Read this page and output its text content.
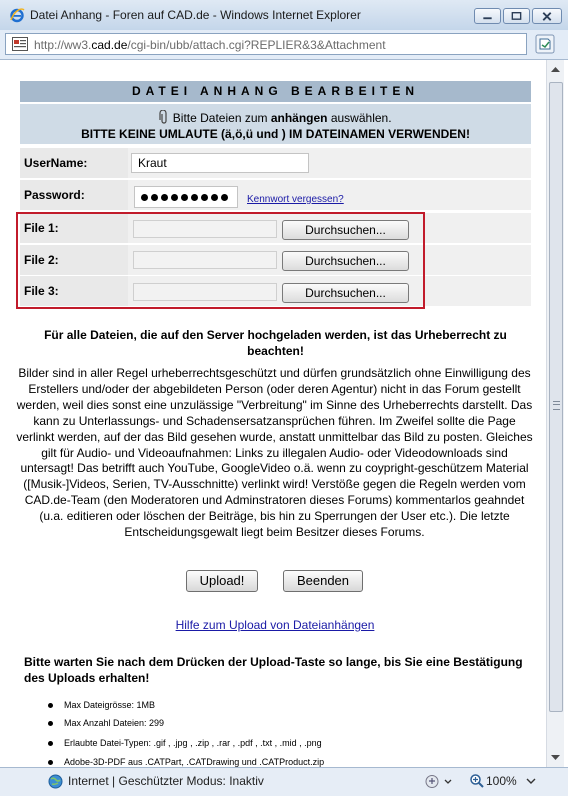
Datei Anhang - Foren auf CAD.de - Windows Internet Explorer
http://ww3.cad.de/cgi-bin/ubb/attach.cgi?REPLIER&3&Attachment
DATEI ANHANG BEARBEITEN
Bitte Dateien zum anhängen auswählen.
BITTE KEINE UMLAUTE (ä,ö,ü und ) IM DATEINAMEN VERWENDEN!
UserName:
Kraut
Password:	Kennwort vergessen?
File 1:	Durchsuchen...
File 2:	Durchsuchen...
File 3:	Durchsuchen...
Für alle Dateien, die auf den Server hochgeladen werden, ist das Urheberrecht zu beachten!
Bilder sind in aller Regel urheberrechtsgeschützt und dürfen grundsätzlich ohne Einwilligung des Erstellers und/oder der abgebildeten Person (oder deren Agentur) nicht in das Forum gestellt werden, weil dies sonst eine unzulässige "Verbreitung" im Sinne des Urheberrechts darstellt. Das kann zu Unterlassungs- und Schadensersatzansprüchen führen. Im Zweifel sollte die Page verlinkt werden, auf der das Bild gesehen wurde, anstatt unmittelbar das Bild zu posten. Gleiches gilt für Audio- und Videoaufnahmen: Links zu illegalen Audio- oder Videodownloads sind untersagt! Das betrifft auch YouTube, GoogleVideo o.ä. wenn zu coypright-geschützem Material ([Musik-]Videos, Serien, TV-Ausschnitte) verlinkt wird! Verstöße gegen die Regeln werden vom CAD.de-Team (den Moderatoren und Adminstratoren dieses Forums) kommentarlos geahndet (u.a. editieren oder löschen der Beiträge, bis hin zu Sperrungen der User etc.). Die letzte Entscheidungsgewalt liegt beim Besitzer dieses Forums.
Upload!	Beenden
Hilfe zum Upload von Dateianhängen
Bitte warten Sie nach dem Drücken der Upload-Taste so lange, bis Sie eine Bestätigung des Uploads erhalten!
Max Dateigrösse: 1MB
Max Anzahl Dateien: 299
Erlaubte Datei-Typen: .gif , .jpg , .zip , .rar , .pdf , .txt , .mid , .png
Adobe-3D-PDF aus .CATPart, .CATDrawing und .CATProduct.zip
Internet | Geschützter Modus: Inaktiv	100%
